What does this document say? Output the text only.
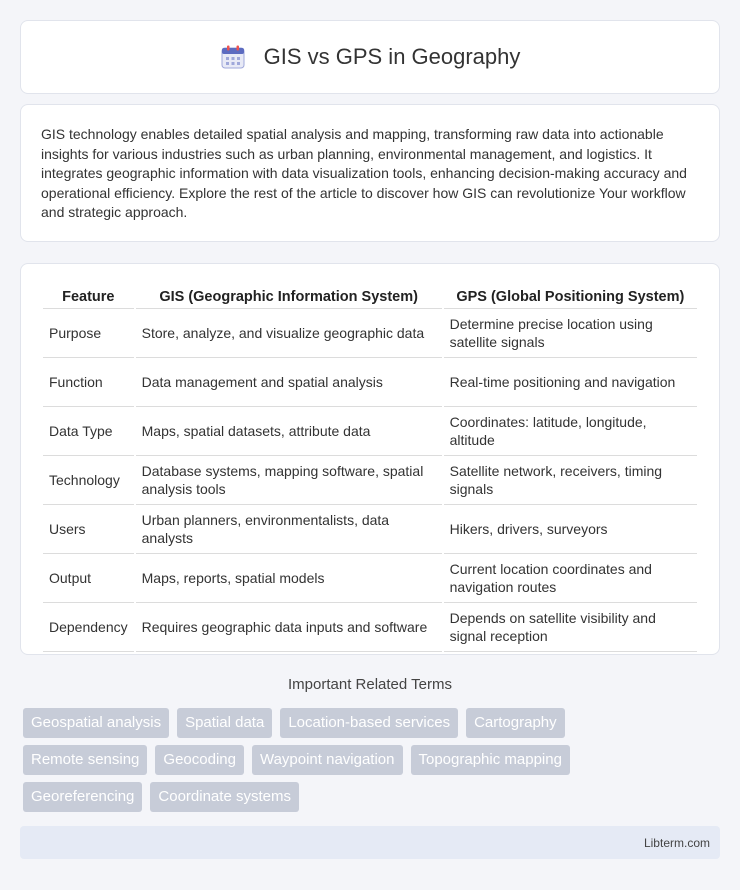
GIS vs GPS in Geography

GIS technology enables detailed spatial analysis and mapping, transforming raw data into actionable insights for various industries such as urban planning, environmental management, and logistics. It integrates geographic information with data visualization tools, enhancing decision-making accuracy and operational efficiency. Explore the rest of the article to discover how GIS can revolutionize Your workflow and strategic approach.

Feature	GIS (Geographic Information System)	GPS (Global Positioning System)
Purpose	Store, analyze, and visualize geographic data	Determine precise location using satellite signals
Function	Data management and spatial analysis	Real-time positioning and navigation
Data Type	Maps, spatial datasets, attribute data	Coordinates: latitude, longitude, altitude
Technology	Database systems, mapping software, spatial analysis tools	Satellite network, receivers, timing signals
Users	Urban planners, environmentalists, data analysts	Hikers, drivers, surveyors
Output	Maps, reports, spatial models	Current location coordinates and navigation routes
Dependency	Requires geographic data inputs and software	Depends on satellite visibility and signal reception
Important Related Terms
Geospatial analysis	Spatial data	Location-based services	Cartography
Remote sensing	Geocoding	Waypoint navigation	Topographic mapping
Georeferencing	Coordinate systems
Libterm.com
